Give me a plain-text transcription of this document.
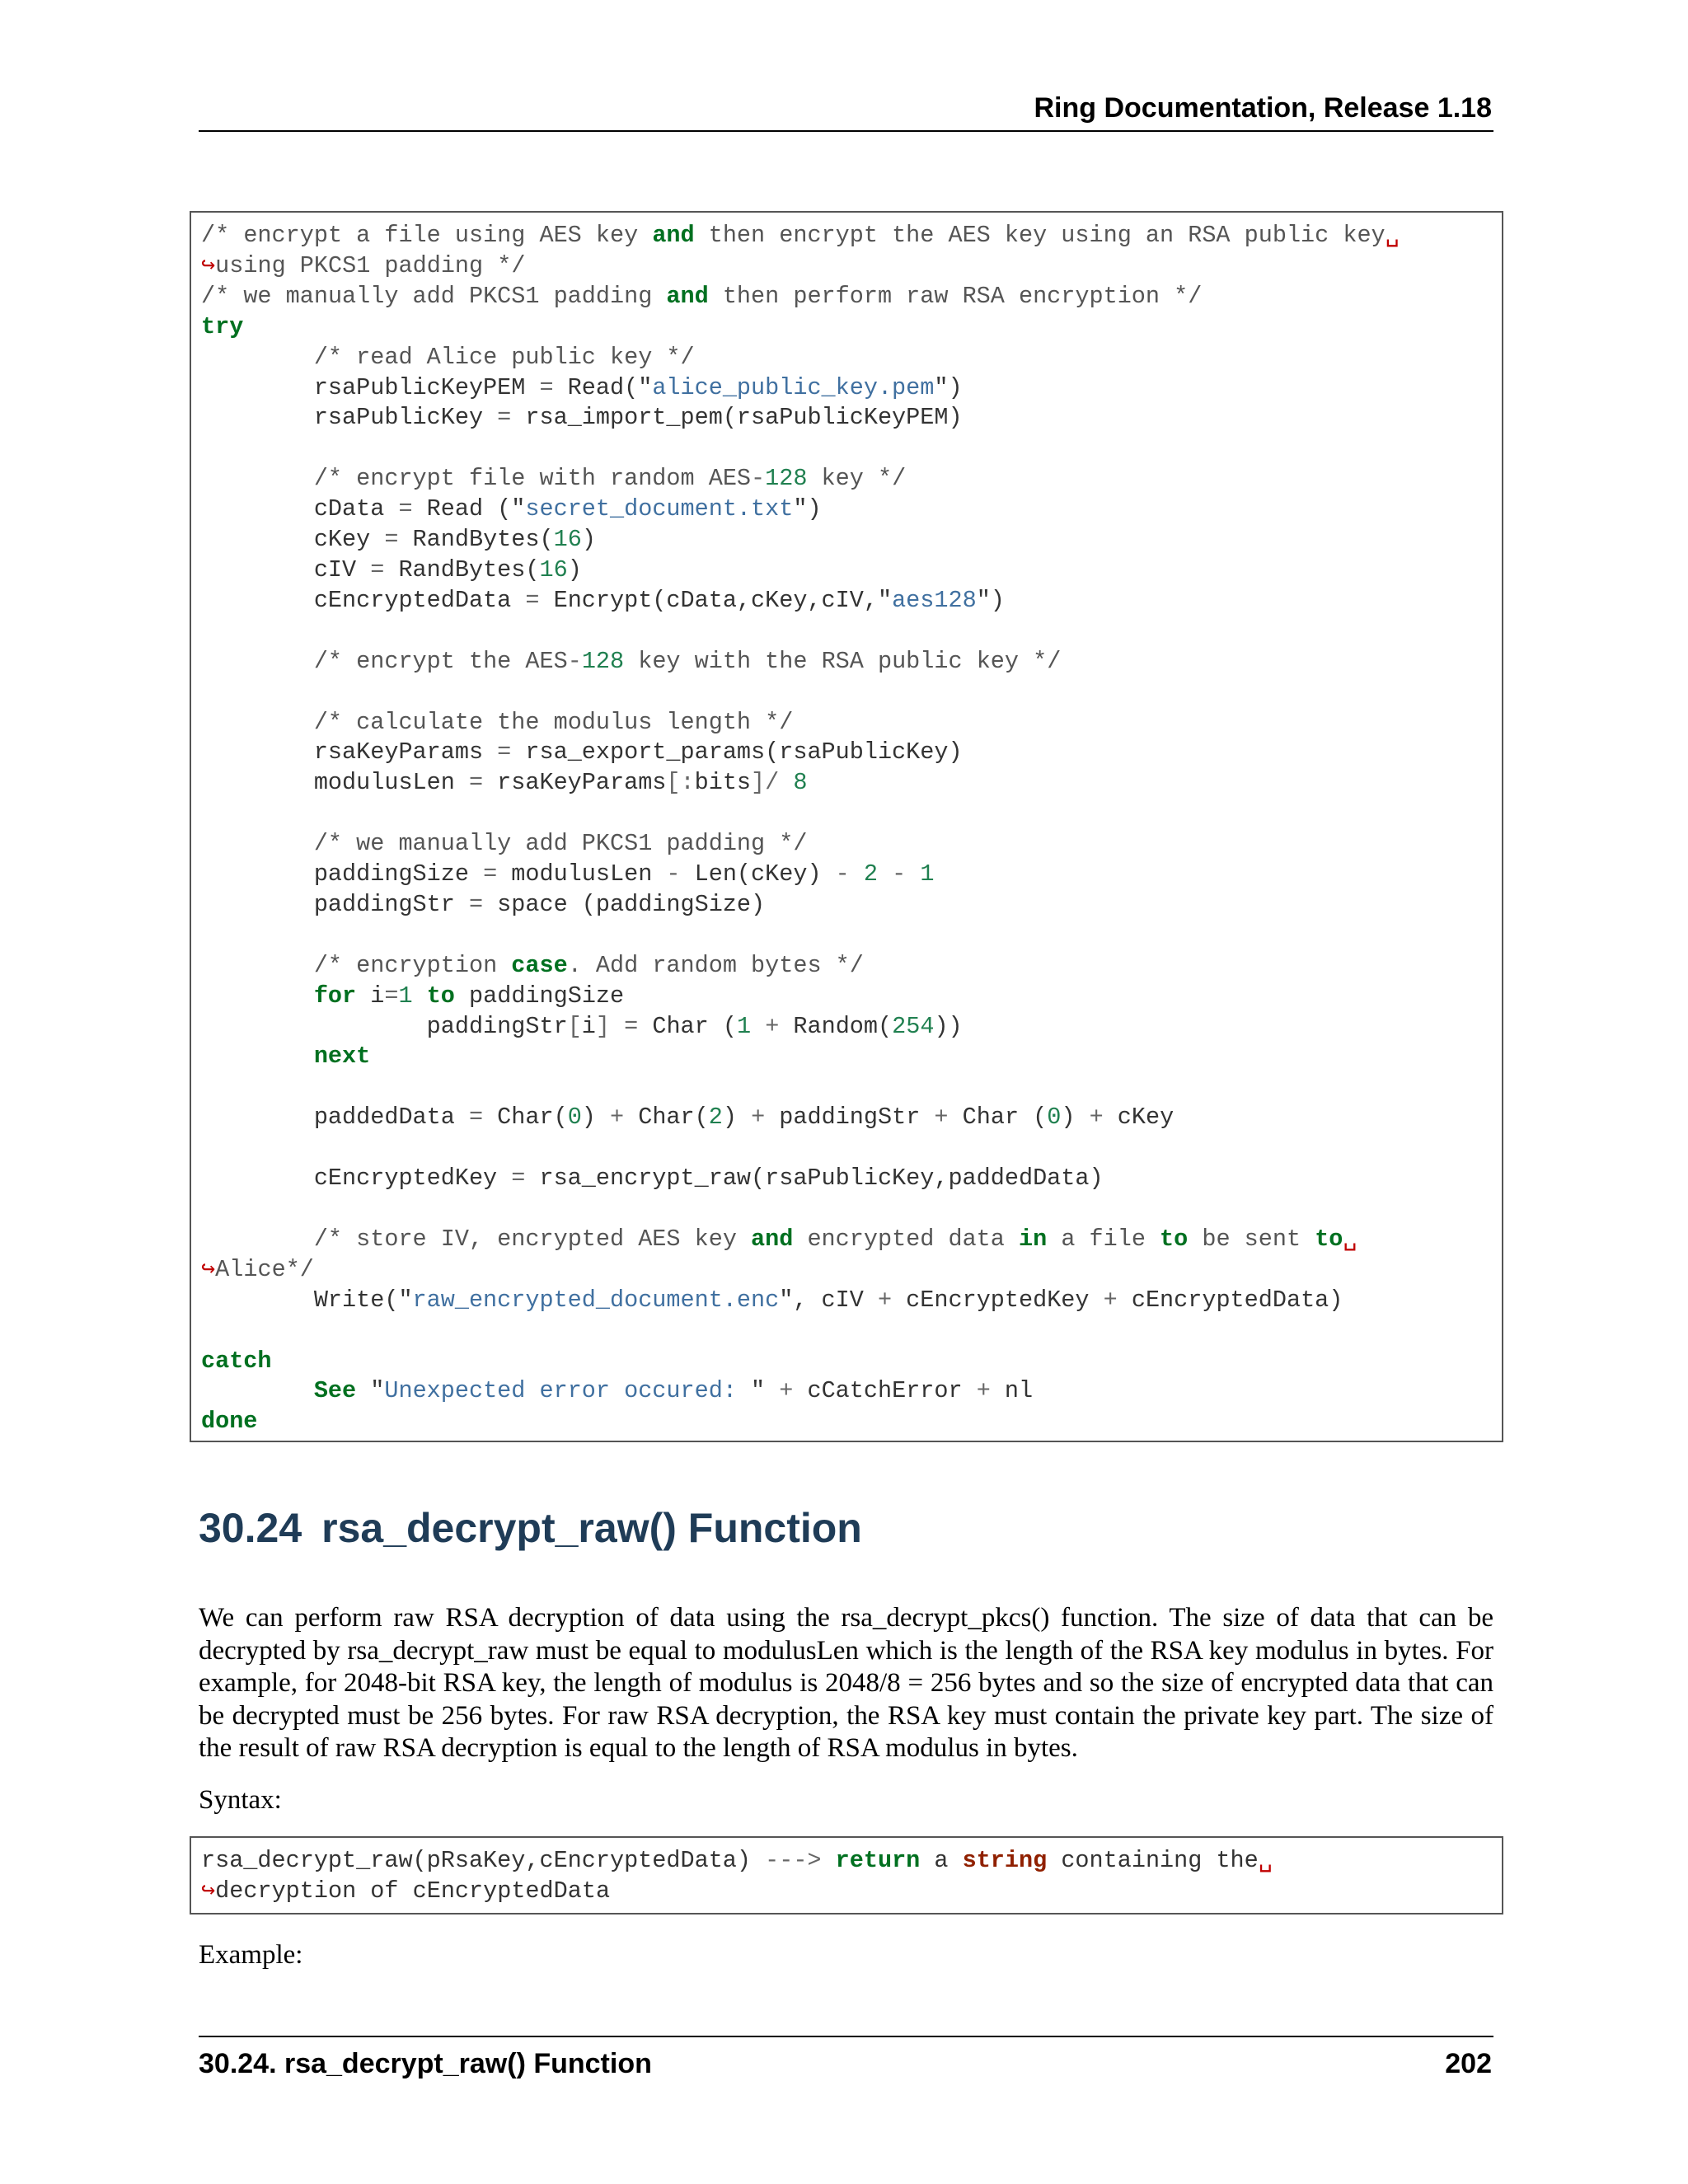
Ring Documentation, Release 1.18
/* encrypt a file using AES key and then encrypt the AES key using an RSA public key␣
↪using PKCS1 padding */
/* we manually add PKCS1 padding and then perform raw RSA encryption */
try
/* read Alice public key */
rsaPublicKeyPEM = Read("alice_public_key.pem")
rsaPublicKey = rsa_import_pem(rsaPublicKeyPEM)

/* encrypt file with random AES-128 key */
cData = Read ("secret_document.txt")
cKey = RandBytes(16)
cIV = RandBytes(16)
cEncryptedData = Encrypt(cData,cKey,cIV,"aes128")

/* encrypt the AES-128 key with the RSA public key */

/* calculate the modulus length */
rsaKeyParams = rsa_export_params(rsaPublicKey)
modulusLen = rsaKeyParams[:bits]/ 8

/* we manually add PKCS1 padding */
paddingSize = modulusLen - Len(cKey) - 2 - 1
paddingStr = space (paddingSize)

/* encryption case. Add random bytes */
for i=1 to paddingSize
paddingStr[i] = Char (1 + Random(254))
next

paddedData = Char(0) + Char(2) + paddingStr + Char (0) + cKey

cEncryptedKey = rsa_encrypt_raw(rsaPublicKey,paddedData)

/* store IV, encrypted AES key and encrypted data in a file to be sent to␣
↪Alice*/
Write("raw_encrypted_document.enc", cIV + cEncryptedKey + cEncryptedData)

catch
See "Unexpected error occured: " + cCatchError + nl
done
30.24 rsa_decrypt_raw() Function

We can perform raw RSA decryption of data using the rsa_decrypt_pkcs() function. The size of data that can be decrypted by rsa_decrypt_raw must be equal to modulusLen which is the length of the RSA key modulus in bytes. For example, for 2048-bit RSA key, the length of modulus is 2048/8 = 256 bytes and so the size of encrypted data that can be decrypted must be 256 bytes. For raw RSA decryption, the RSA key must contain the private key part. The size of the result of raw RSA decryption is equal to the length of RSA modulus in bytes.

Syntax:
rsa_decrypt_raw(pRsaKey,cEncryptedData) ---> return a string containing the␣
↪decryption of cEncryptedData
Example:
30.24. rsa_decrypt_raw() Function	202
